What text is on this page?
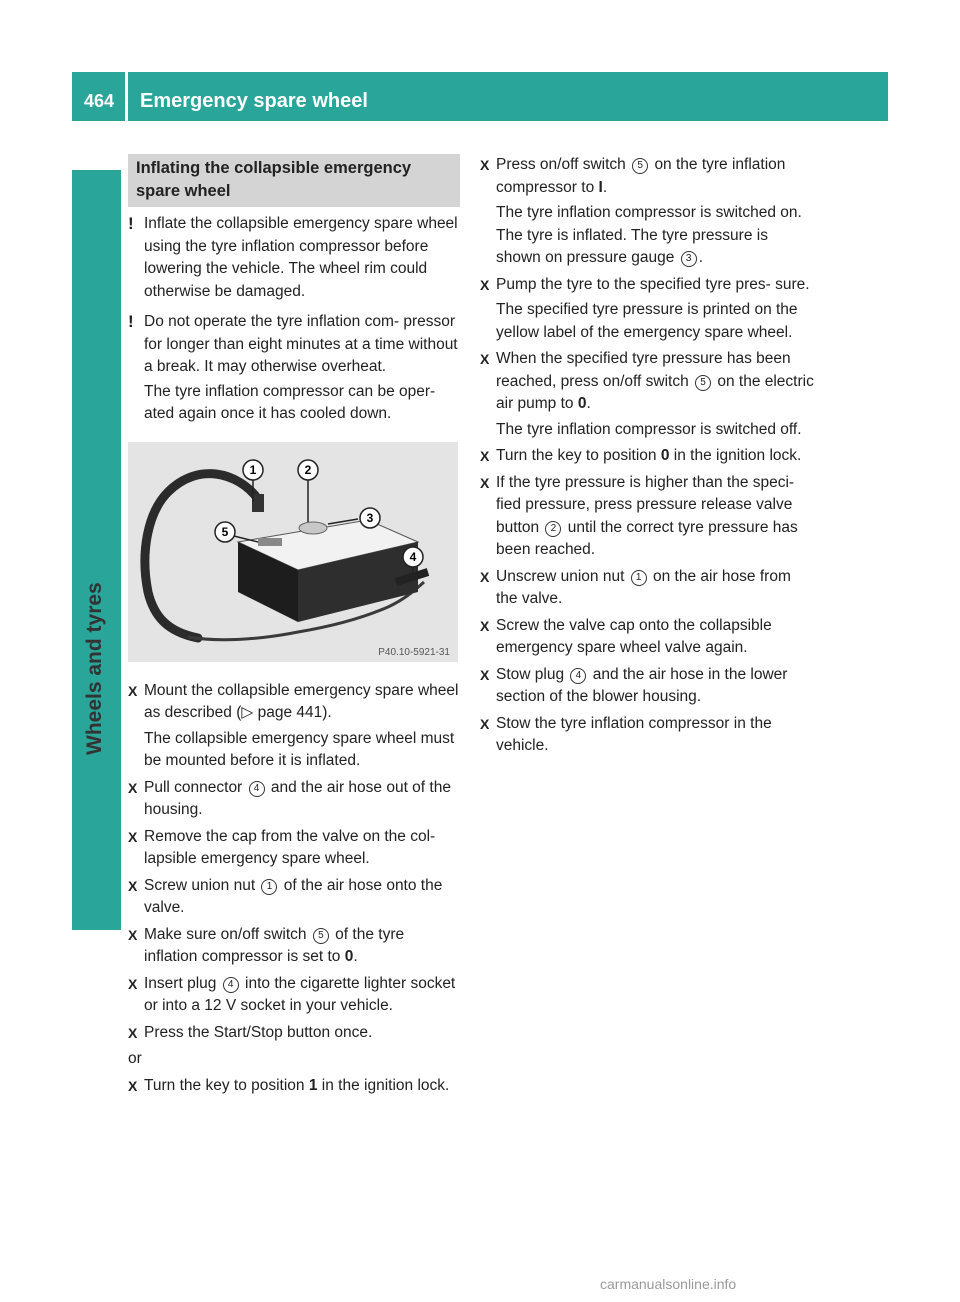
464	Emergency spare wheel
Wheels and tyres
Inflating the collapsible emergency spare wheel
! Inflate the collapsible emergency spare wheel using the tyre inflation compressor before lowering the vehicle. The wheel rim could otherwise be damaged.
! Do not operate the tyre inflation com- pressor for longer than eight minutes at a time without a break. It may otherwise overheat.
The tyre inflation compressor can be oper- ated again once it has cooled down.
1	2
3
5
4
P40.10-5921-31
X Mount the collapsible emergency spare wheel as described (▷ page 441).
The collapsible emergency spare wheel must be mounted before it is inflated.
X Pull connector 4 and the air hose out of the housing.
X Remove the cap from the valve on the col- lapsible emergency spare wheel.
X Screw union nut 1 of the air hose onto the valve.
X Make sure on/off switch 5 of the tyre inflation compressor is set to 0.
X Insert plug 4 into the cigarette lighter socket or into a 12 V socket in your vehicle.
X Press the Start/Stop button once.
or
X Turn the key to position 1 in the ignition lock.
X Press on/off switch 5 on the tyre inflation compressor to I.
The tyre inflation compressor is switched on. The tyre is inflated. The tyre pressure is shown on pressure gauge 3 .
X Pump the tyre to the specified tyre pres- sure.
The specified tyre pressure is printed on the yellow label of the emergency spare wheel.
X When the specified tyre pressure has been reached, press on/off switch 5 on the electric air pump to 0.
The tyre inflation compressor is switched off.
X Turn the key to position 0 in the ignition lock.
X If the tyre pressure is higher than the speci- fied pressure, press pressure release valve button 2 until the correct tyre pressure has been reached.
X Unscrew union nut 1 on the air hose from the valve.
X Screw the valve cap onto the collapsible emergency spare wheel valve again.
X Stow plug 4 and the air hose in the lower section of the blower housing.
X Stow the tyre inflation compressor in the vehicle.
carmanualsonline.info
